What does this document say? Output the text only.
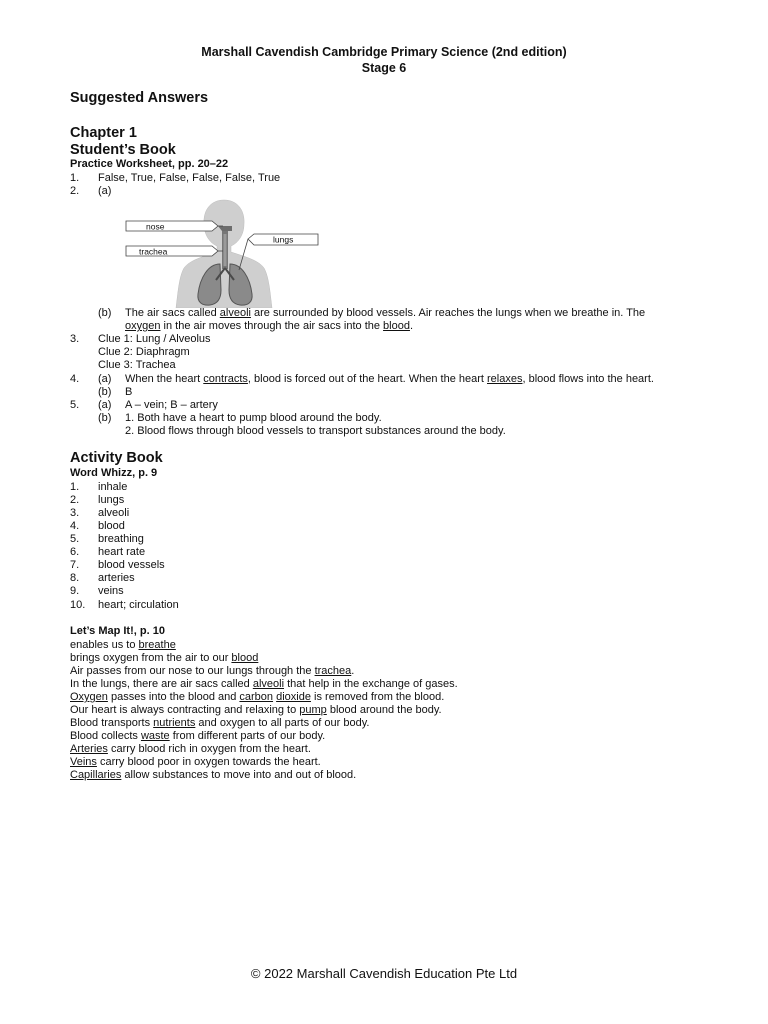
Marshall Cavendish Cambridge Primary Science (2nd edition)
Stage 6
Suggested Answers
Chapter 1
Student’s Book
Practice Worksheet, pp. 20–22
1. False, True, False, False, False, True
2. (a)
nose
trachea
lungs
(b) The air sacs called alveoli are surrounded by blood vessels. Air reaches the lungs when we breathe in. The
oxygen in the air moves through the air sacs into the blood.
3. Clue 1: Lung / Alveolus
Clue 2: Diaphragm
Clue 3: Trachea
4. (a) When the heart contracts, blood is forced out of the heart. When the heart relaxes, blood flows into the heart.
(b) B
5. (a) A – vein; B – artery
(b) 1. Both have a heart to pump blood around the body.
2. Blood flows through blood vessels to transport substances around the body.
Activity Book
Word Whizz, p. 9
1. inhale
2. lungs
3. alveoli
4. blood
5. breathing
6. heart rate
7. blood vessels
8. arteries
9. veins
10. heart; circulation
Let’s Map It!, p. 10
enables us to breathe
brings oxygen from the air to our blood
Air passes from our nose to our lungs through the trachea.
In the lungs, there are air sacs called alveoli that help in the exchange of gases.
Oxygen passes into the blood and carbon dioxide is removed from the blood.
Our heart is always contracting and relaxing to pump blood around the body.
Blood transports nutrients and oxygen to all parts of our body.
Blood collects waste from different parts of our body.
Arteries carry blood rich in oxygen from the heart.
Veins carry blood poor in oxygen towards the heart.
Capillaries allow substances to move into and out of blood.
© 2022 Marshall Cavendish Education Pte Ltd
